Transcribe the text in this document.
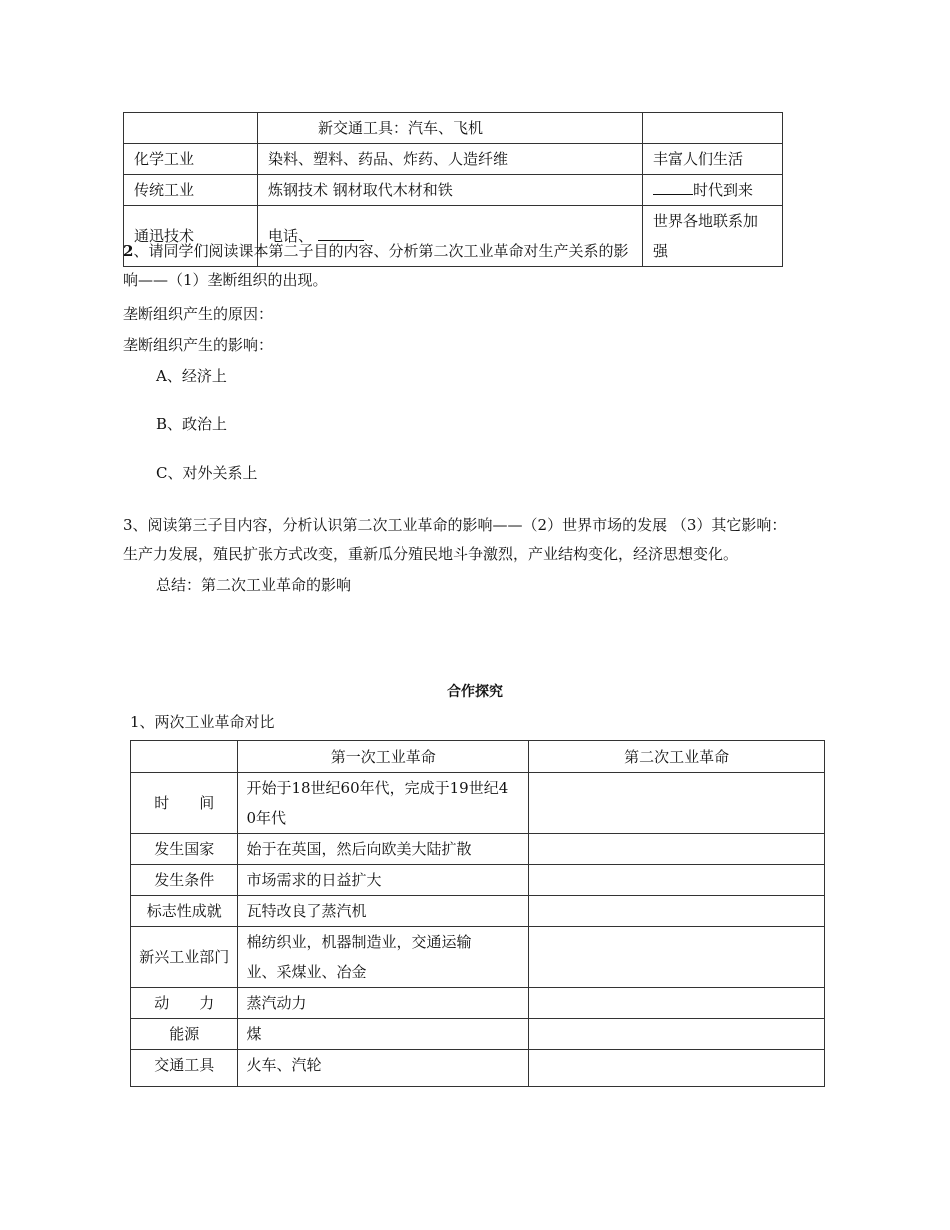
	新交通工具：汽车、飞机	
化学工业	染料、塑料、药品、炸药、人造纤维	丰富人们生活
传统工业	炼钢技术 钢材取代木材和铁	时代到来
通迅技术	电话、	世界各地联系加强
2、请同学们阅读课本第二子目的内容、分析第二次工业革命对生产关系的影
响——（1）垄断组织的出现。
垄断组织产生的原因：
垄断组织产生的影响：
A、经济上
B、政治上
C、对外关系上
3、阅读第三子目内容，分析认识第二次工业革命的影响——（2）世界市场的发展 （3）其它影响：
生产力发展，殖民扩张方式改变，重新瓜分殖民地斗争激烈，产业结构变化，经济思想变化。
总结：第二次工业革命的影响
合作探究
1、两次工业革命对比
	第一次工业革命	第二次工业革命
时　　间	开始于18世纪60年代，完成于19世纪4
0年代	

发生国家	始于在英国，然后向欧美大陆扩散	
发生条件	市场需求的日益扩大	
标志性成就	瓦特改良了蒸汽机	
新兴工业部门	棉纺织业，机器制造业，交通运输
业、采煤业、冶金	

动　　力	蒸汽动力	
能源	煤	
交通工具	火车、汽轮	
